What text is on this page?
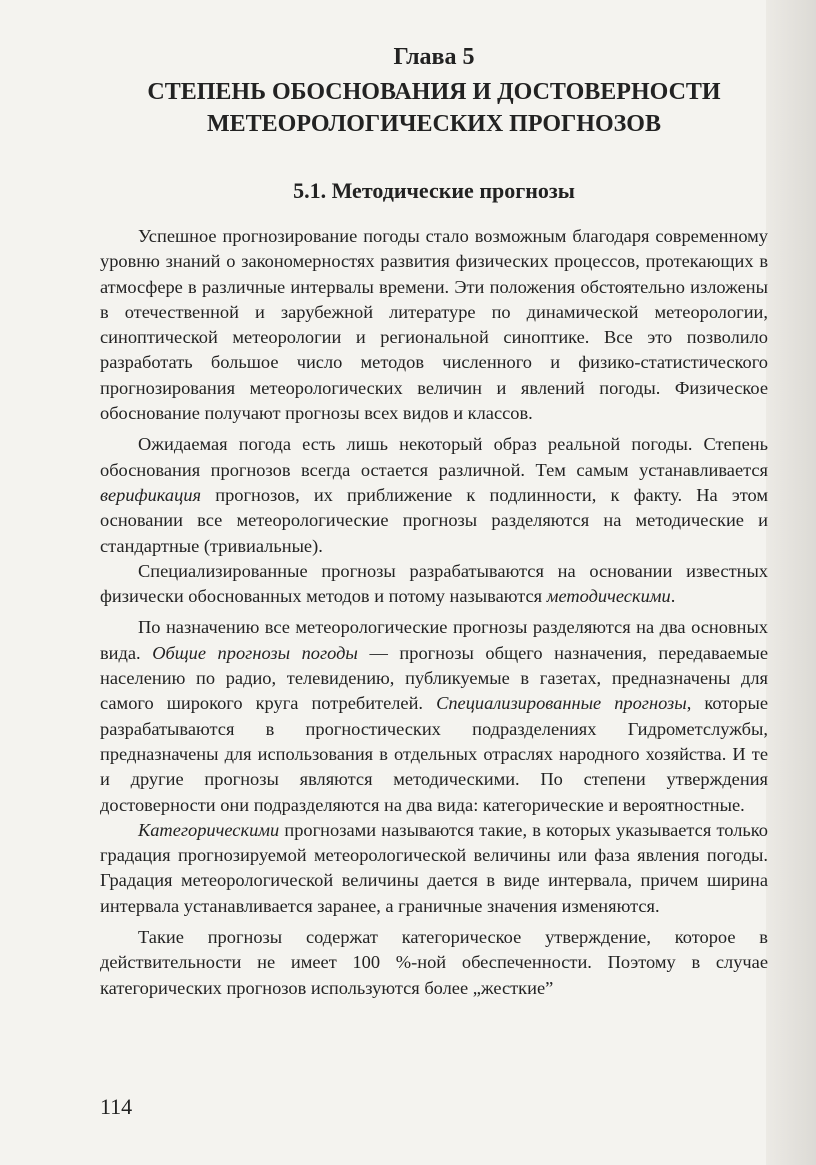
Глава 5
СТЕПЕНЬ ОБОСНОВАНИЯ И ДОСТОВЕРНОСТИ
МЕТЕОРОЛОГИЧЕСКИХ ПРОГНОЗОВ
5.1. Методические прогнозы

Успешное прогнозирование погоды стало возможным благодаря современному уровню знаний о закономерностях развития физических процессов, протекающих в атмосфере в различные интервалы времени. Эти положения обстоятельно изложены в отечественной и зарубежной литературе по динамической метеорологии, синоптической метеорологии и региональной синоптике. Все это позволило разработать большое число методов численного и физико-статистического прогнозирования метеорологических величин и явлений погоды. Физическое обоснование получают прогнозы всех видов и классов.

Ожидаемая погода есть лишь некоторый образ реальной погоды. Степень обоснования прогнозов всегда остается различной. Тем самым устанавливается верификация прогнозов, их приближение к подлинности, к факту. На этом основании все метеорологические прогнозы разделяются на методические и стандартные (тривиальные).

Специализированные прогнозы разрабатываются на основании известных физически обоснованных методов и потому называются методическими.

По назначению все метеорологические прогнозы разделяются на два основных вида. Общие прогнозы погоды — прогнозы общего назначения, передаваемые населению по радио, телевидению, публикуемые в газетах, предназначены для самого широкого круга потребителей. Специализированные прогнозы, которые разрабатываются в прогностических подразделениях Гидрометслужбы, предназначены для использования в отдельных отраслях народного хозяйства. И те и другие прогнозы являются методическими. По степени утверждения достоверности они подразделяются на два вида: категорические и вероятностные.

Категорическими прогнозами называются такие, в которых указывается только градация прогнозируемой метеорологической величины или фаза явления погоды. Градация метеорологической величины дается в виде интервала, причем ширина интервала устанавливается заранее, а граничные значения изменяются.

Такие прогнозы содержат категорическое утверждение, которое в действительности не имеет 100 %-ной обеспеченности. Поэтому в случае категорических прогнозов используются более „жесткие”

114
